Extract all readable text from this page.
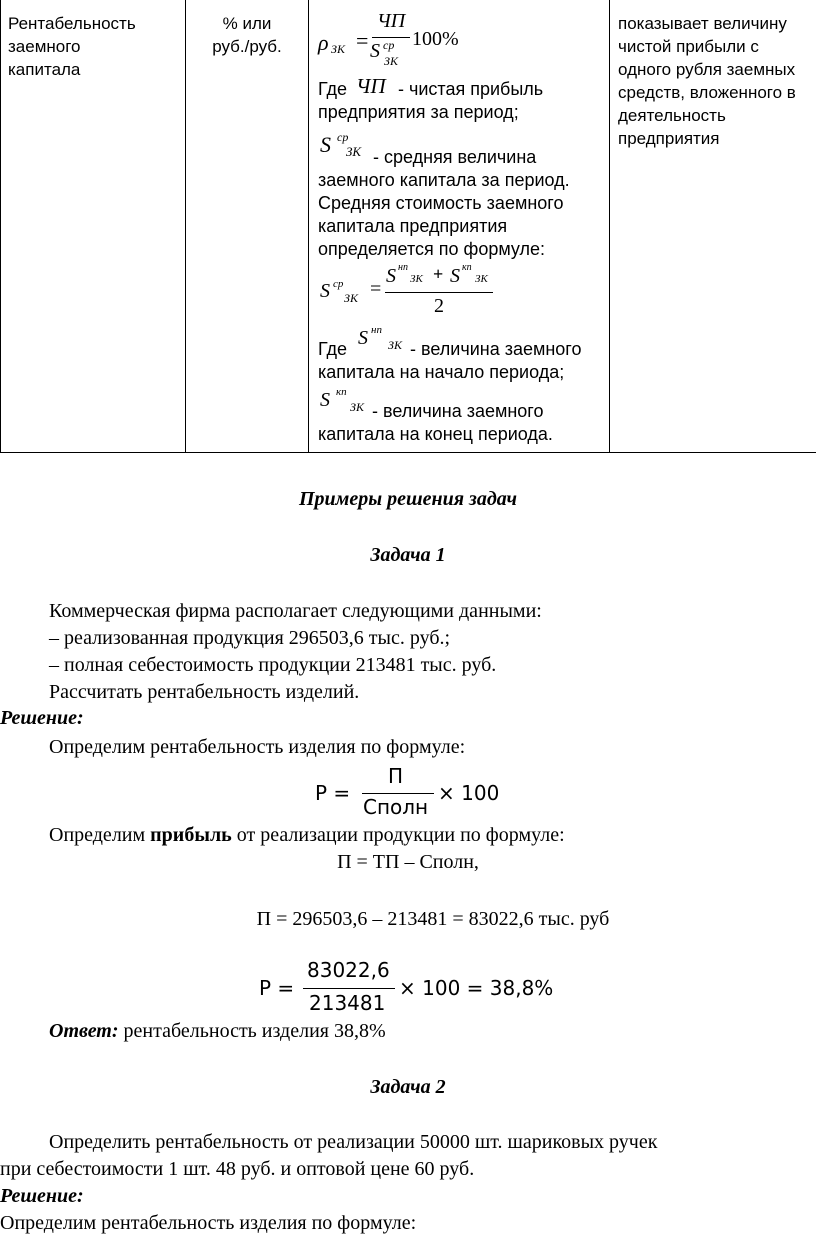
Рентабельность
заемного
капитала
% или
руб./руб.	ρ ЗК =
ЧП
S ср
ЗК
100%
Где ЧП - чистая прибыль
предприятия за период;
S ср
ЗК - средняя величина
заемного капитала за период.
Средняя стоимость заемного
капитала предприятия
определяется по формуле:
S ср
ЗК =
S нп
ЗК + S кп
ЗК
2
Где S нп
ЗК - величина заемного
капитала на начало периода;
S кп
ЗК - величина заемного
капитала на конец периода.
показывает величину
чистой прибыли с
одного рубля заемных
средств, вложенного в
деятельность
предприятия
Примеры решения задач
Задача 1
Коммерческая фирма располагает следующими данными:
– реализованная продукция 296503,6 тыс. руб.;
– полная себестоимость продукции 213481 тыс. руб.
Рассчитать рентабельность изделий.
Решение:
Определим рентабельность изделия по формуле:
Р =
П
Сполн
× 100
Определим прибыль от реализации продукции по формуле:
П = ТП – Сполн,
П = 296503,6 – 213481 = 83022,6 тыс. руб
Р =
83022,6
213481
× 100 = 38,8%
Ответ: рентабельность изделия 38,8%
Задача 2
Определить рентабельность от реализации 50000 шт. шариковых ручек
при себестоимости 1 шт. 48 руб. и оптовой цене 60 руб.
Решение:
Определим рентабельность изделия по формуле:
